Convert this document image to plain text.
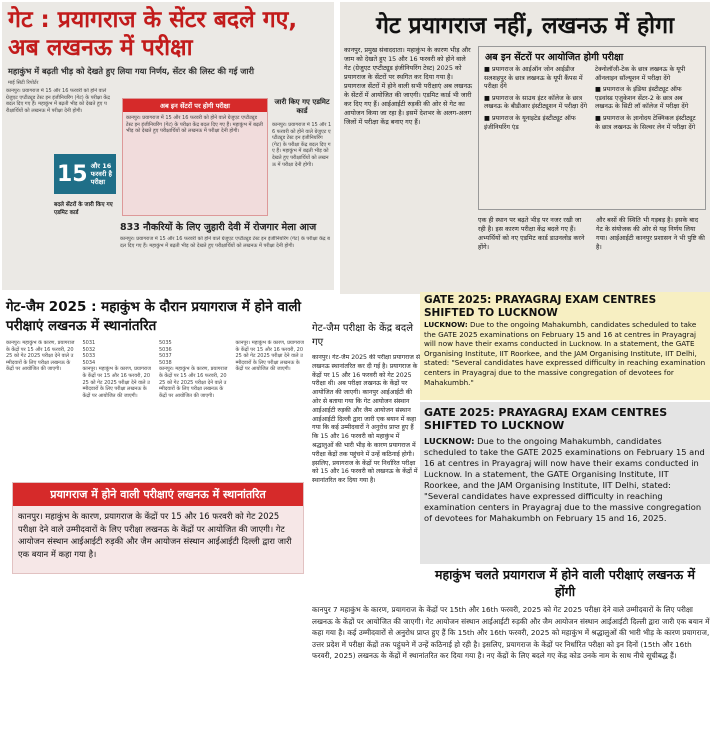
गेट : प्रयागराज के सेंटर बदले गए, अब लखनऊ में परीक्षा
महाकुंभ में बढ़ती भीड़ को देखते हुए लिया गया निर्णय, सेंटर की लिस्ट की गई जारी
माई सिटी रिपोर्टर
कानपुर। प्रयागराज में 15 और 16 फरवरी को होने वाले ग्रेजुएट एप्टीट्यूड टेस्ट इन इंजीनियरिंग (गेट) के परीक्षा केंद्र बदल दिए गए हैं। महाकुंभ में बढ़ती भीड़ को देखते हुए परीक्षार्थियों को लखनऊ में परीक्षा देनी होगी।
15 और 16 फरवरी है परीक्षा
बदले सेंटरों के जारी किए गए एडमिट कार्ड
अब इन सेंटरों पर होगी परीक्षा
कानपुर। प्रयागराज में 15 और 16 फरवरी को होने वाले ग्रेजुएट एप्टीट्यूड टेस्ट इन इंजीनियरिंग (गेट) के परीक्षा केंद्र बदल दिए गए हैं। महाकुंभ में बढ़ती भीड़ को देखते हुए परीक्षार्थियों को लखनऊ में परीक्षा देनी होगी।
जारी किए गए एडमिट कार्ड
कानपुर। प्रयागराज में 15 और 16 फरवरी को होने वाले ग्रेजुएट एप्टीट्यूड टेस्ट इन इंजीनियरिंग (गेट) के परीक्षा केंद्र बदल दिए गए हैं। महाकुंभ में बढ़ती भीड़ को देखते हुए परीक्षार्थियों को लखनऊ में परीक्षा देनी होगी।
833 नौकरियों के लिए जुहारी देवी में रोजगार मेला आज
कानपुर। प्रयागराज में 15 और 16 फरवरी को होने वाले ग्रेजुएट एप्टीट्यूड टेस्ट इन इंजीनियरिंग (गेट) के परीक्षा केंद्र बदल दिए गए हैं। महाकुंभ में बढ़ती भीड़ को देखते हुए परीक्षार्थियों को लखनऊ में परीक्षा देनी होगी।
गेट प्रयागराज नहीं, लखनऊ में होगा
कानपुर, प्रमुख संवाददाता। महाकुंभ के कारण भीड़ और जाम को देखते हुए 15 और 16 फरवरी को होने वाले गेट (ग्रेजुएट एप्टीट्यूड इंजीनियरिंग टेस्ट) 2025 को प्रयागराज के सेंटरों पर स्थगित कर दिया गया है। प्रयागराज सेंटरों में होने वाली सभी परीक्षाएं अब लखनऊ के सेंटरों में आयोजित की जाएगी। एडमिट कार्ड भी जारी कर दिए गए हैं। आईआईटी रुड़की की ओर से गेट का आयोजन किया जा रहा है। इसमें देशभर के अलग-अलग जिलों में परीक्षा केंद्र बनाए गए हैं।
अब इन सेंटरों पर आयोजित होगी परीक्षा
■ प्रयागराज के आईऑन जोन आईडीज सलशहपुर के छात्र लखनऊ के यूपी कैंपस में परीक्षा देंगे
■ प्रयागराज के साउथ इंटर कॉलेज के छात्र लखनऊ के बीडीआर इंस्टीट्यूशन में परीक्षा देंगे
■ प्रयागराज के यूनाइटेड इंस्टीट्यूट ऑफ इंजीनियरिंग एंड
टेक्नोलॉजी-टेक के छात्र लखनऊ के यूपी ऑनलाइन सॉल्यूशन में परीक्षा देंगे
■ प्रयागराज के इंडिया इंस्टीट्यूट ऑफ एडवांस्ड एजुकेशन सेंटर-2 के छात्र अब लखनऊ के सिटी लॉ कॉलेज में परीक्षा देंगे
■ प्रयागराज के ज्ञानोदय टेक्निकल इंस्टीट्यूट के छात्र लखनऊ के सिल्वर लेन में परीक्षा देंगे
एक ही स्थान पर बढ़ते भीड़ पर नजर रखी जा रही है। इस कारण परीक्षा केंद्र बदले गए हैं। अभ्यर्थियों को नए एडमिट कार्ड डाउनलोड करने होंगे।
और बसों की स्थिति भी गड़बड़ है। इसके बाद गेट के संयोजक की ओर से यह निर्णय लिया गया। आईआईटी कानपुर प्रशासन ने भी पुष्टि की है।
गेट-जैम 2025 : महाकुंभ के दौरान प्रयागराज में होने वाली परीक्षाएं लखनऊ में स्थानांतरित
कानपुर। महाकुंभ के कारण, प्रयागराज के केंद्रों पर 15 और 16 फरवरी, 2025 को गेट 2025 परीक्षा देने वाले उम्मीदवारों के लिए परीक्षा लखनऊ के केंद्रों पर आयोजित की जाएगी।
5031
5032
5033
5034
कानपुर। महाकुंभ के कारण, प्रयागराज के केंद्रों पर 15 और 16 फरवरी, 2025 को गेट 2025 परीक्षा देने वाले उम्मीदवारों के लिए परीक्षा लखनऊ के केंद्रों पर आयोजित की जाएगी।
5035
5036
5037
5038
कानपुर। महाकुंभ के कारण, प्रयागराज के केंद्रों पर 15 और 16 फरवरी, 2025 को गेट 2025 परीक्षा देने वाले उम्मीदवारों के लिए परीक्षा लखनऊ के केंद्रों पर आयोजित की जाएगी।
कानपुर। महाकुंभ के कारण, प्रयागराज के केंद्रों पर 15 और 16 फरवरी, 2025 को गेट 2025 परीक्षा देने वाले उम्मीदवारों के लिए परीक्षा लखनऊ के केंद्रों पर आयोजित की जाएगी।
प्रयागराज में होने वाली परीक्षाएं लखनऊ में स्थानांतरित
कानपुर। महाकुंभ के कारण, प्रयागराज के केंद्रों पर 15 और 16 फरवरी को गेट 2025 परीक्षा देने वाले उम्मीदवारों के लिए परीक्षा लखनऊ के केंद्रों पर आयोजित की जाएगी। गेट आयोजन संस्थान आईआईटी रुड़की और जैम आयोजन संस्थान आईआईटी दिल्ली द्वारा जारी एक बयान में कहा गया है।
गेट-जैम परीक्षा के केंद्र बदले गए
कानपुर। गेट-जैम 2025 की परीक्षा प्रयागराज से लखनऊ स्थानांतरित कर दी गई है। प्रयागराज के केंद्रों पर 15 और 16 फरवरी को गेट 2025 परीक्षा थी। अब परीक्षा लखनऊ के केंद्रों पर आयोजित की जाएगी। कानपुर आईआईटी की ओर से बताया गया कि गेट आयोजन संस्थान आईआईटी रुड़की और जैम आयोजन संस्थान आईआईटी दिल्ली द्वारा जारी एक बयान में कहा गया कि कई उम्मीदवारों ने अनुरोध प्राप्त हुए हैं कि 15 और 16 फरवरी को महाकुंभ में श्रद्धालुओं की भारी भीड़ के कारण प्रयागराज में परीक्षा केंद्रों तक पहुंचने में उन्हें कठिनाई होगी। इसलिए, प्रयागराज के केंद्रों पर निर्धारित परीक्षा को 15 और 16 फरवरी को लखनऊ के केंद्रों में स्थानांतरित कर दिया गया है।
GATE 2025: PRAYAGRAJ EXAM CENTRES SHIFTED TO LUCKNOW
LUCKNOW: Due to the ongoing Mahakumbh, candidates scheduled to take the GATE 2025 examinations on February 15 and 16 at centres in Prayagraj will now have their exams conducted in Lucknow. In a statement, the GATE Organising Institute, IIT Roorkee, and the JAM Organising Institute, IIT Delhi, stated: "Several candidates have expressed difficulty in reaching examination centers in Prayagraj due to the massive congregation of devotees for Mahakumbh."
GATE 2025: PRAYAGRAJ EXAM CENTRES SHIFTED TO LUCKNOW
LUCKNOW: Due to the ongoing Mahakumbh, candidates scheduled to take the GATE 2025 examinations on February 15 and 16 at centres in Prayagraj will now have their exams conducted in Lucknow. In a statement, the GATE Organising Institute, IIT Roorkee, and the JAM Organising Institute, IIT Delhi, stated: "Several candidates have expressed difficulty in reaching examination centers in Prayagraj due to the massive congregation of devotees for Mahakumbh on February 15 and 16, 2025.
महाकुंभ चलते प्रयागराज में होने वाली परीक्षाएं लखनऊ में होंगी
कानपुर 7 महाकुंभ के कारण, प्रयागराज के केंद्रों पर 15th और 16th फरवरी, 2025 को गेट 2025 परीक्षा देने वाले उम्मीदवारों के लिए परीक्षा लखनऊ के केंद्रों पर आयोजित की जाएगी। गेट आयोजन संस्थान आईआईटी रुड़की और जैम आयोजन संस्थान आईआईटी दिल्ली द्वारा जारी एक बयान में कहा गया है। कई उम्मीदवारों से अनुरोध प्राप्त हुए हैं कि 15th और 16th फरवरी, 2025 को महाकुंभ में श्रद्धालुओं की भारी भीड़ के कारण प्रयागराज, उत्तर प्रदेश में परीक्षा केंद्रों तक पहुंचने में उन्हें कठिनाई हो रही है। इसलिए, प्रयागराज के केंद्रों पर निर्धारित परीक्षा को इन दिनों (15th और 16th फरवरी, 2025) लखनऊ के केंद्रों में स्थानांतरित कर दिया गया है। नए केंद्रों के लिए बदले गए केंद्र कोड उनके नाम के साथ नीचे सूचीबद्ध हैं।
